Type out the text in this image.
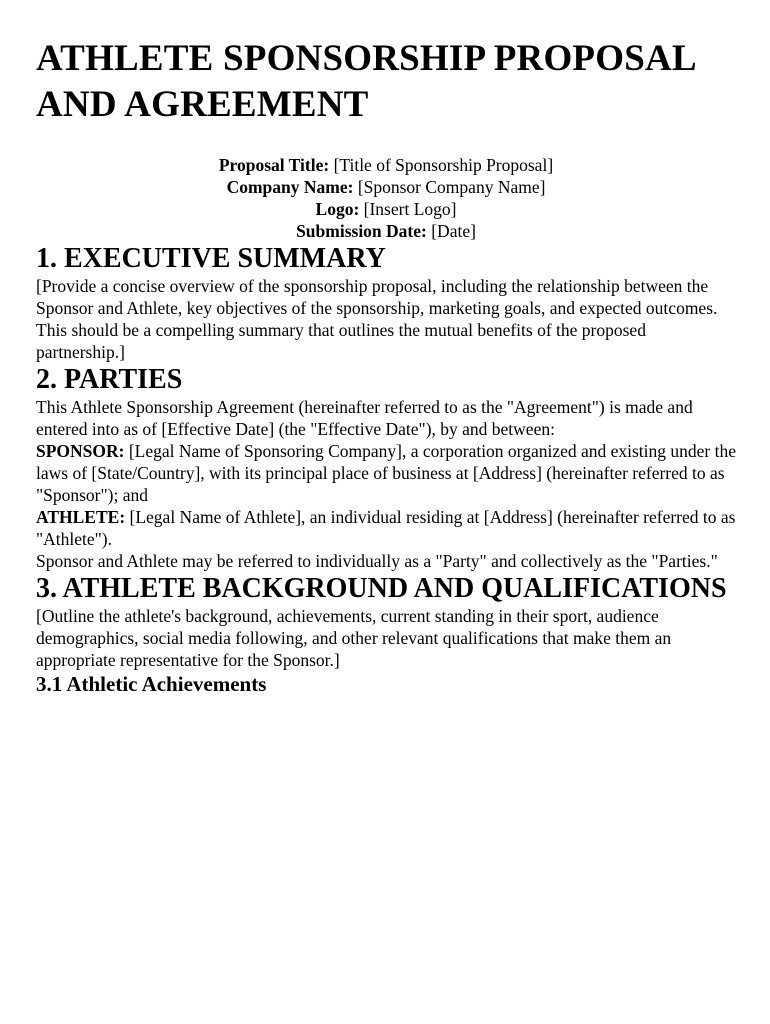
ATHLETE SPONSORSHIP PROPOSAL AND AGREEMENT
Proposal Title: [Title of Sponsorship Proposal]
Company Name: [Sponsor Company Name]
Logo: [Insert Logo]
Submission Date: [Date]
1. EXECUTIVE SUMMARY

[Provide a concise overview of the sponsorship proposal, including the relationship between the Sponsor and Athlete, key objectives of the sponsorship, marketing goals, and expected outcomes. This should be a compelling summary that outlines the mutual benefits of the proposed partnership.]

2. PARTIES

This Athlete Sponsorship Agreement (hereinafter referred to as the "Agreement") is made and entered into as of [Effective Date] (the "Effective Date"), by and between:

SPONSOR: [Legal Name of Sponsoring Company], a corporation organized and existing under the laws of [State/Country], with its principal place of business at [Address] (hereinafter referred to as "Sponsor"); and

ATHLETE: [Legal Name of Athlete], an individual residing at [Address] (hereinafter referred to as "Athlete").

Sponsor and Athlete may be referred to individually as a "Party" and collectively as the "Parties."

3. ATHLETE BACKGROUND AND QUALIFICATIONS

[Outline the athlete's background, achievements, current standing in their sport, audience demographics, social media following, and other relevant qualifications that make them an appropriate representative for the Sponsor.]

3.1 Athletic Achievements
